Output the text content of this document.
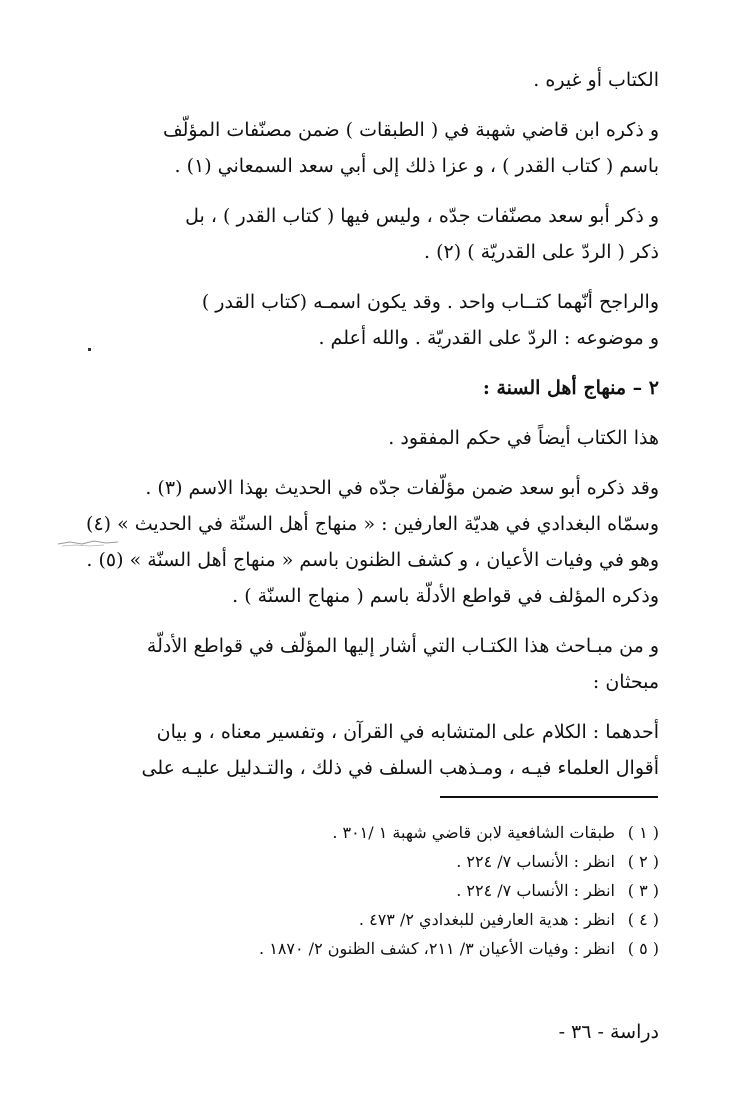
الكتاب أو غيره .

و ذكره ابن قاضي شهبة في ( الطبقات ) ضمن مصنّفات المؤلّف
باسم ( كتاب القدر ) ، و عزا ذلك إلى أبي سعد السمعاني (١) .

و ذكر أبو سعد مصنّفات جدّه ، وليس فيها ( كتاب القدر ) ، بل
ذكر ( الردّ على القدريّة ) (٢) .

والراجح أنّهما كتــاب واحد . وقد يكون اسمـه (كتاب القدر )
و موضوعه : الردّ على القدريّة . والله أعلم .

٢ – منهاج أهل السنة :

هذا الكتاب أيضاً في حكم المفقود .

وقد ذكره أبو سعد ضمن مؤلّفات جدّه في الحديث بهذا الاسم (٣) .
وسمّاه البغدادي في هديّة العارفين : « منهاج أهل السنّة في الحديث » (٤)
وهو في وفيات الأعيان ، و كشف الظنون باسم « منهاج أهل السنّة » (٥) .
وذكره المؤلف في قواطع الأدلّة باسم ( منهاج السنّة ) .

و من مبـاحث هذا الكتـاب التي أشار إليها المؤلّف في قواطع الأدلّة
مبحثان :

أحدهما : الكلام على المتشابه في القرآن ، وتفسير معناه ، و بيان
أقوال العلماء فيـه ، ومـذهب السلف في ذلك ، والتـدليل عليـه على

( ١ )
طبقات الشافعية لابن قاضي شهبة ١ /٣٠١ .
( ٢ )
انظر : الأنساب ٧/ ٢٢٤ .
( ٣ )
انظر : الأنساب ٧/ ٢٢٤ .
( ٤ )
انظر : هدية العارفين للبغدادي ٢/ ٤٧٣ .
( ٥ )
انظر : وفيات الأعيان ٣/ ٢١١، كشف الظنون ٢/ ١٨٧٠ .
دراسة - ٣٦ -
